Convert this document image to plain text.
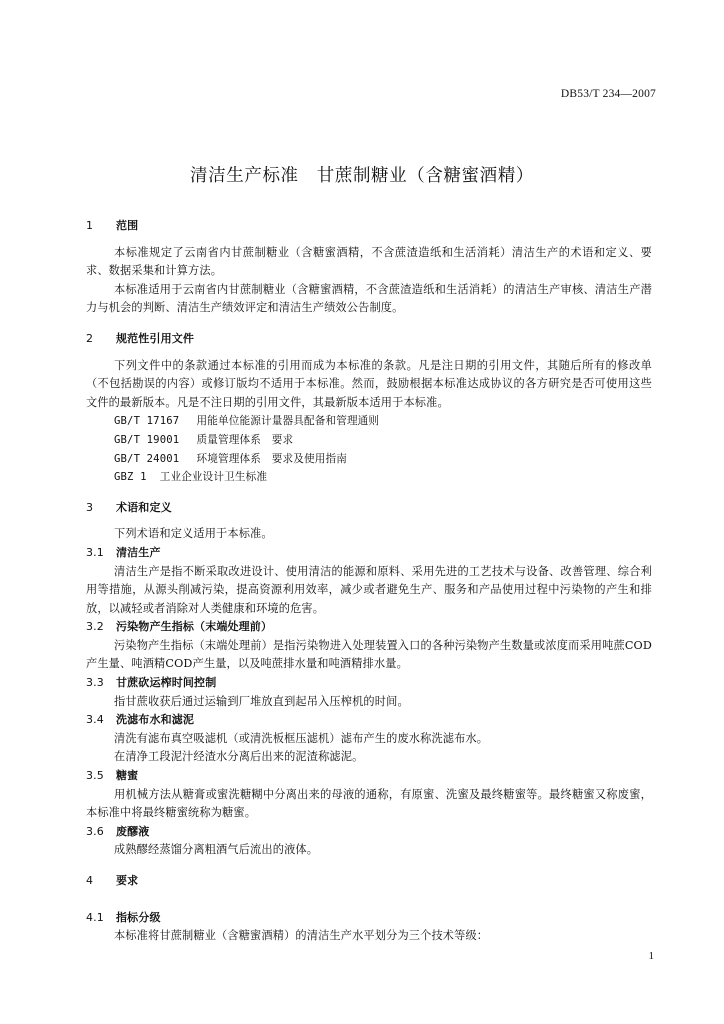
DB53/T 234—2007
清洁生产标准　甘蔗制糖业（含糖蜜酒精）
1 范围

本标准规定了云南省内甘蔗制糖业（含糖蜜酒精，不含蔗渣造纸和生活消耗）清洁生产的术语和定义、要求、数据采集和计算方法。

本标准适用于云南省内甘蔗制糖业（含糖蜜酒精，不含蔗渣造纸和生活消耗）的清洁生产审核、清洁生产潜力与机会的判断、清洁生产绩效评定和清洁生产绩效公告制度。

2 规范性引用文件

下列文件中的条款通过本标准的引用而成为本标准的条款。凡是注日期的引用文件，其随后所有的修改单（不包括勘误的内容）或修订版均不适用于本标准。然而，鼓励根据本标准达成协议的各方研究是否可使用这些文件的最新版本。凡是不注日期的引用文件，其最新版本适用于本标准。

GB/T 17167 用能单位能源计量器具配备和管理通则

GB/T 19001 质量管理体系　要求

GB/T 24001 环境管理体系　要求及使用指南

GBZ 1 工业企业设计卫生标准

3 术语和定义

下列术语和定义适用于本标准。

3.1 清洁生产

清洁生产是指不断采取改进设计、使用清洁的能源和原料、采用先进的工艺技术与设备、改善管理、综合利用等措施，从源头削减污染，提高资源利用效率，减少或者避免生产、服务和产品使用过程中污染物的产生和排放，以减轻或者消除对人类健康和环境的危害。

3.2 污染物产生指标（末端处理前）

污染物产生指标（末端处理前）是指污染物进入处理装置入口的各种污染物产生数量或浓度而采用吨蔗COD产生量、吨酒精COD产生量，以及吨蔗排水量和吨酒精排水量。

3.3 甘蔗砍运榨时间控制

指甘蔗收获后通过运输到厂堆放直到起吊入压榨机的时间。

3.4 洗滤布水和滤泥

清洗有滤布真空吸滤机（或清洗板框压滤机）滤布产生的废水称洗滤布水。

在清净工段泥汁经渣水分离后出来的泥渣称滤泥。

3.5 糖蜜

用机械方法从糖膏或蜜洗糖糊中分离出来的母液的通称，有原蜜、洗蜜及最终糖蜜等。最终糖蜜又称废蜜，本标准中将最终糖蜜统称为糖蜜。

3.6 废醪液

成熟醪经蒸馏分离粗酒气后流出的液体。

4 要求
4.1 指标分级

本标准将甘蔗制糖业（含糖蜜酒精）的清洁生产水平划分为三个技术等级：

1
